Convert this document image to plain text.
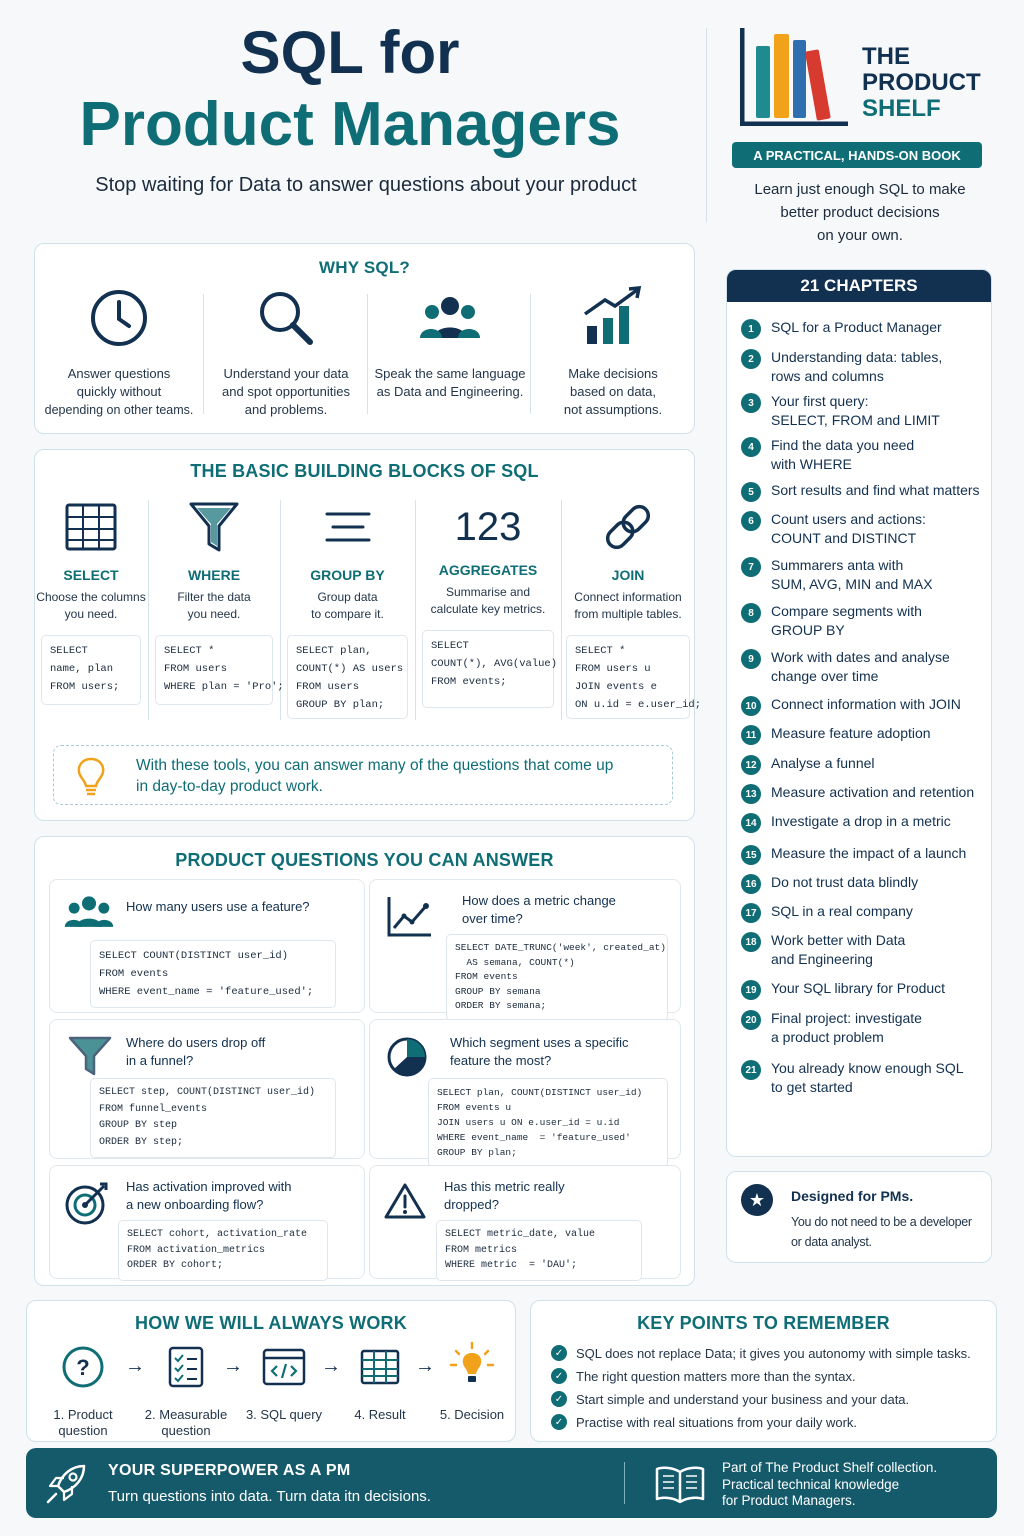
SQL for
Product Managers
Stop waiting for Data to answer questions about your product
THE
PRODUCT
SHELF
A PRACTICAL, HANDS-ON BOOK
Learn just enough SQL to make
better product decisions
on your own.
WHY SQL?
Answer questions
quickly without
depending on other teams.
Understand your data
and spot opportunities
and problems.
Speak the same language
as Data and Engineering.
Make decisions
based on data,
not assumptions.
THE BASIC BUILDING BLOCKS OF SQL
SELECT
Choose the columns
you need.
SELECT
name, plan
FROM users;
WHERE
Filter the data
you need.
SELECT *
FROM users
WHERE plan = 'Pro';
GROUP BY
Group data
to compare it.
SELECT plan,
COUNT(*) AS users
FROM users
GROUP BY plan;
123
AGGREGATES
Summarise and
calculate key metrics.
SELECT
COUNT(*), AVG(value)
FROM events;
JOIN
Connect information
from multiple tables.
SELECT *
FROM users u
JOIN events e
ON u.id = e.user_id;
With these tools, you can answer many of the questions that come up
in day-to-day product work.
PRODUCT QUESTIONS YOU CAN ANSWER
How many users use a feature?
SELECT COUNT(DISTINCT user_id)
FROM events
WHERE event_name = 'feature_used';
How does a metric change
over time?
SELECT DATE_TRUNC('week', created_at)
AS semana, COUNT(*)
FROM events
GROUP BY semana
ORDER BY semana;
Where do users drop off
in a funnel?
SELECT step, COUNT(DISTINCT user_id)
FROM funnel_events
GROUP BY step
ORDER BY step;
Which segment uses a specific
feature the most?
SELECT plan, COUNT(DISTINCT user_id)
FROM events u
JOIN users u ON e.user_id = u.id
WHERE event_name  = 'feature_used'
GROUP BY plan;
Has activation improved with
a new onboarding flow?
SELECT cohort, activation_rate
FROM activation_metrics
ORDER BY cohort;
Has this metric really
dropped?
SELECT metric_date, value
FROM metrics
WHERE metric  = 'DAU';
21 CHAPTERS
1	SQL for a Product Manager
2	Understanding data: tables,
rows and columns
3	Your first query:
SELECT, FROM and LIMIT
4	Find the data you need
with WHERE
5	Sort results and find what matters
6	Count users and actions:
COUNT and DISTINCT
7	Summarers anta with
SUM, AVG, MIN and MAX
8	Compare segments with
GROUP BY
9	Work with dates and analyse
change over time
10	Connect information with JOIN
11	Measure feature adoption
12	Analyse a funnel
13	Measure activation and retention
14	Investigate a drop in a metric
15	Measure the impact of a launch
16	Do not trust data blindly
17	SQL in a real company
18	Work better with Data
and Engineering
19	Your SQL library for Product
20	Final project: investigate
a product problem
21	You already know enough SQL
to get started
★	Designed for PMs.
You do not need to be a developer
or data analyst.
HOW WE WILL ALWAYS WORK
?
1. Product
question
→
2. Measurable
question
→
3. SQL query
→
4. Result
→
5. Decision
KEY POINTS TO REMEMBER
✓ SQL does not replace Data; it gives you autonomy with simple tasks.
✓ The right question matters more than the syntax.
✓ Start simple and understand your business and your data.
✓ Practise with real situations from your daily work.
YOUR SUPERPOWER AS A PM
Turn questions into data. Turn data itn decisions.
Part of The Product Shelf collection.
Practical technical knowledge
for Product Managers.
